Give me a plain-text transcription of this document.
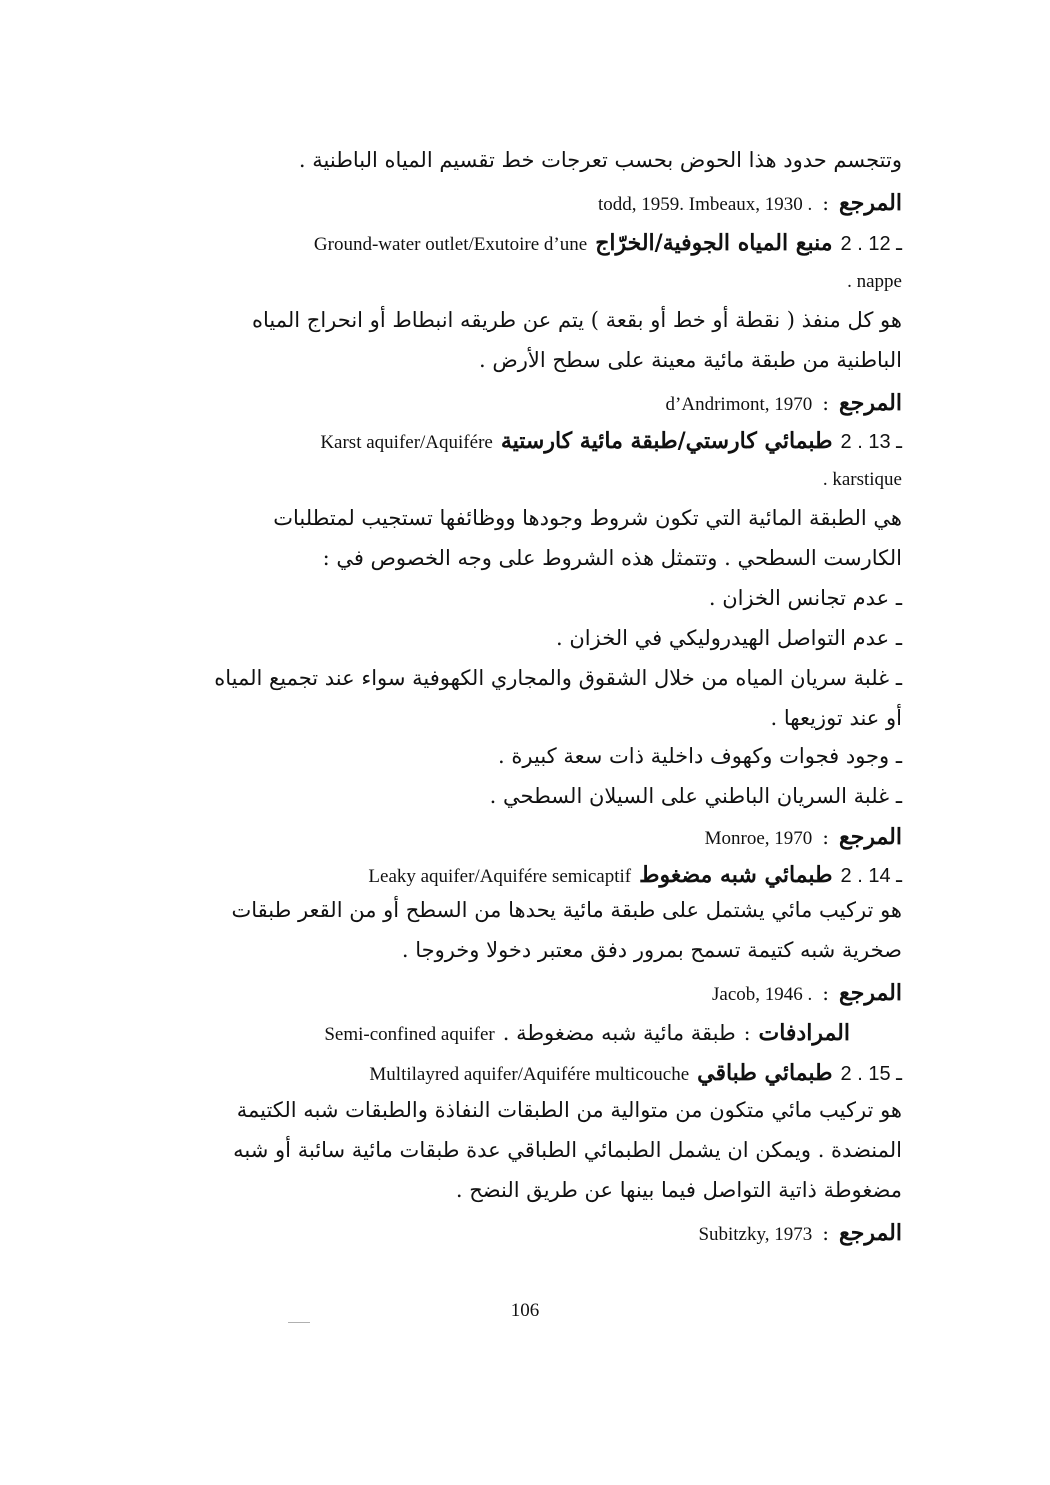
وتتجسم حدود هذا الحوض بحسب تعرجات خط تقسيم المياه الباطنية .
المرجع
:
todd, 1959. Imbeaux, 1930 .
2 . 12 ـ
منبع المياه الجوفية/الخرّاج
Ground-water outlet/Exutoire d’une
. nappe
هو كل منفذ ( نقطة أو خط أو بقعة ) يتم عن طريقه انبطاط أو انحراج المياه
الباطنية من طبقة مائية معينة على سطح الأرض .
المرجع
:
d’Andrimont, 1970
2 . 13 ـ
طبمائي كارستي/طبقة مائية كارستية
Karst aquifer/Aquifére
. karstique
هي الطبقة المائية التي تكون شروط وجودها ووظائفها تستجيب لمتطلبات
الكارست السطحي . وتتمثل هذه الشروط على وجه الخصوص في :
ـ عدم تجانس الخزان .
ـ عدم التواصل الهيدروليكي في الخزان .
ـ غلبة سريان المياه من خلال الشقوق والمجاري الكهوفية سواء عند تجميع المياه
أو عند توزيعها .
ـ وجود فجوات وكهوف داخلية ذات سعة كبيرة .
ـ غلبة السريان الباطني على السيلان السطحي .
المرجع
:
Monroe, 1970
2 . 14 ـ
طبمائي شبه مضغوط
Leaky aquifer/Aquifére semicaptif
هو تركيب مائي يشتمل على طبقة مائية يحدها من السطح أو من القعر طبقات
صخرية شبه كتيمة تسمح بمرور دفق معتبر دخولا وخروجا .
المرجع
:
Jacob, 1946 .
المرادفات
:
طبقة مائية شبه مضغوطة .
Semi-confined aquifer
2 . 15 ـ
طبمائي طباقي
Multilayred aquifer/Aquifére multicouche
هو تركيب مائي متكون من متوالية من الطبقات النفاذة والطبقات شبه الكتيمة
المنضدة . ويمكن ان يشمل الطبمائي الطباقي عدة طبقات مائية سائبة أو شبه
مضغوطة ذاتية التواصل فيما بينها عن طريق النضح .
المرجع
:
Subitzky, 1973
106
